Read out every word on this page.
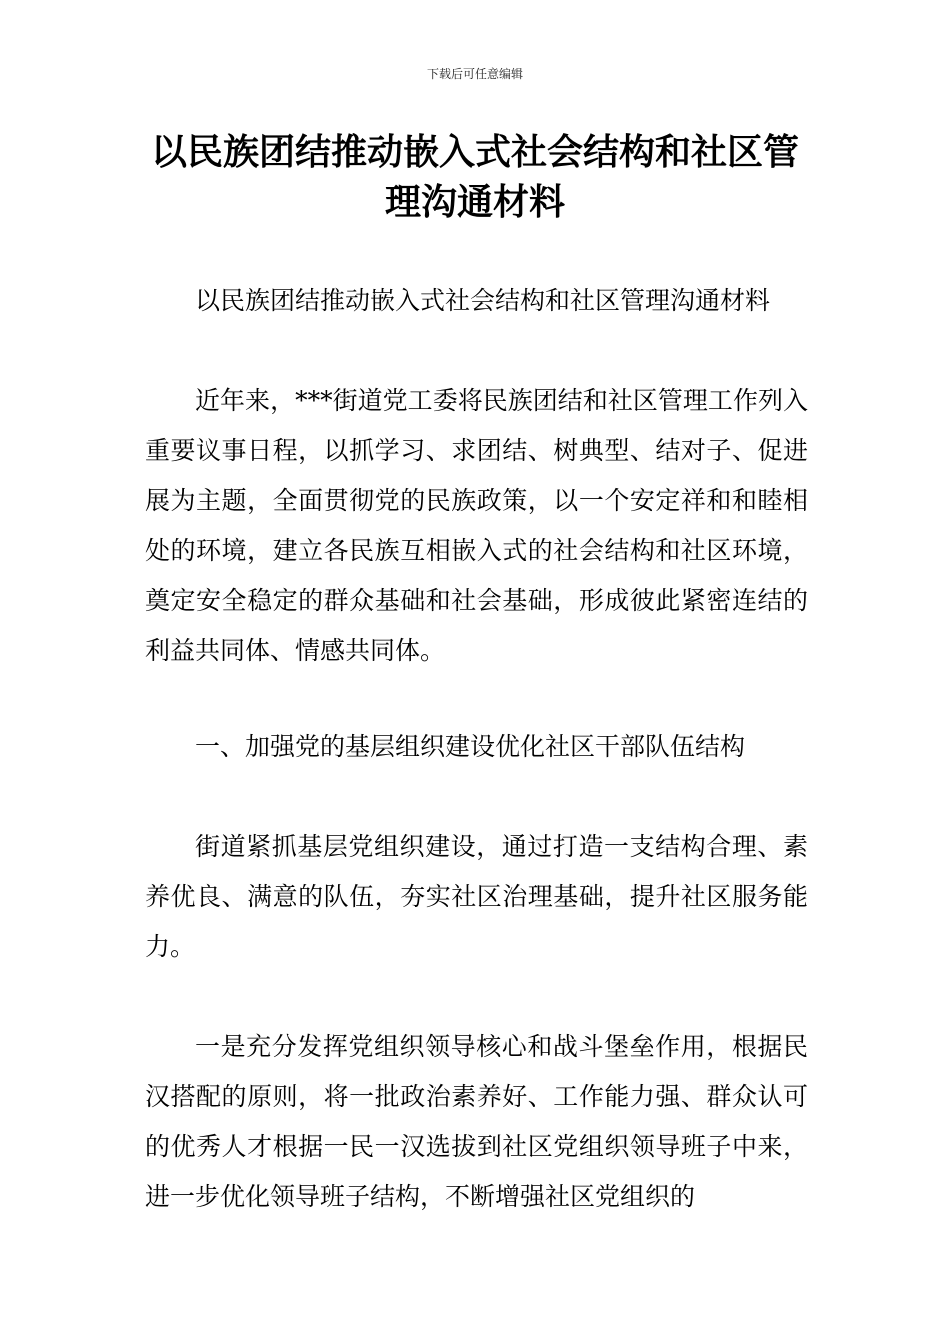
下载后可任意编辑
以民族团结推动嵌入式社会结构和社区管理沟通材料

以民族团结推动嵌入式社会结构和社区管理沟通材料

近年来，***街道党工委将民族团结和社区管理工作列入重要议事日程，以抓学习、求团结、树典型、结对子、促进展为主题，全面贯彻党的民族政策，以一个安定祥和和睦相处的环境，建立各民族互相嵌入式的社会结构和社区环境，奠定安全稳定的群众基础和社会基础，形成彼此紧密连结的利益共同体、情感共同体。

一、加强党的基层组织建设优化社区干部队伍结构

街道紧抓基层党组织建设，通过打造一支结构合理、素养优良、满意的队伍，夯实社区治理基础，提升社区服务能力。

一是充分发挥党组织领导核心和战斗堡垒作用，根据民汉搭配的原则，将一批政治素养好、工作能力强、群众认可的优秀人才根据一民一汉选拔到社区党组织领导班子中来，进一步优化领导班子结构，不断增强社区党组织的
